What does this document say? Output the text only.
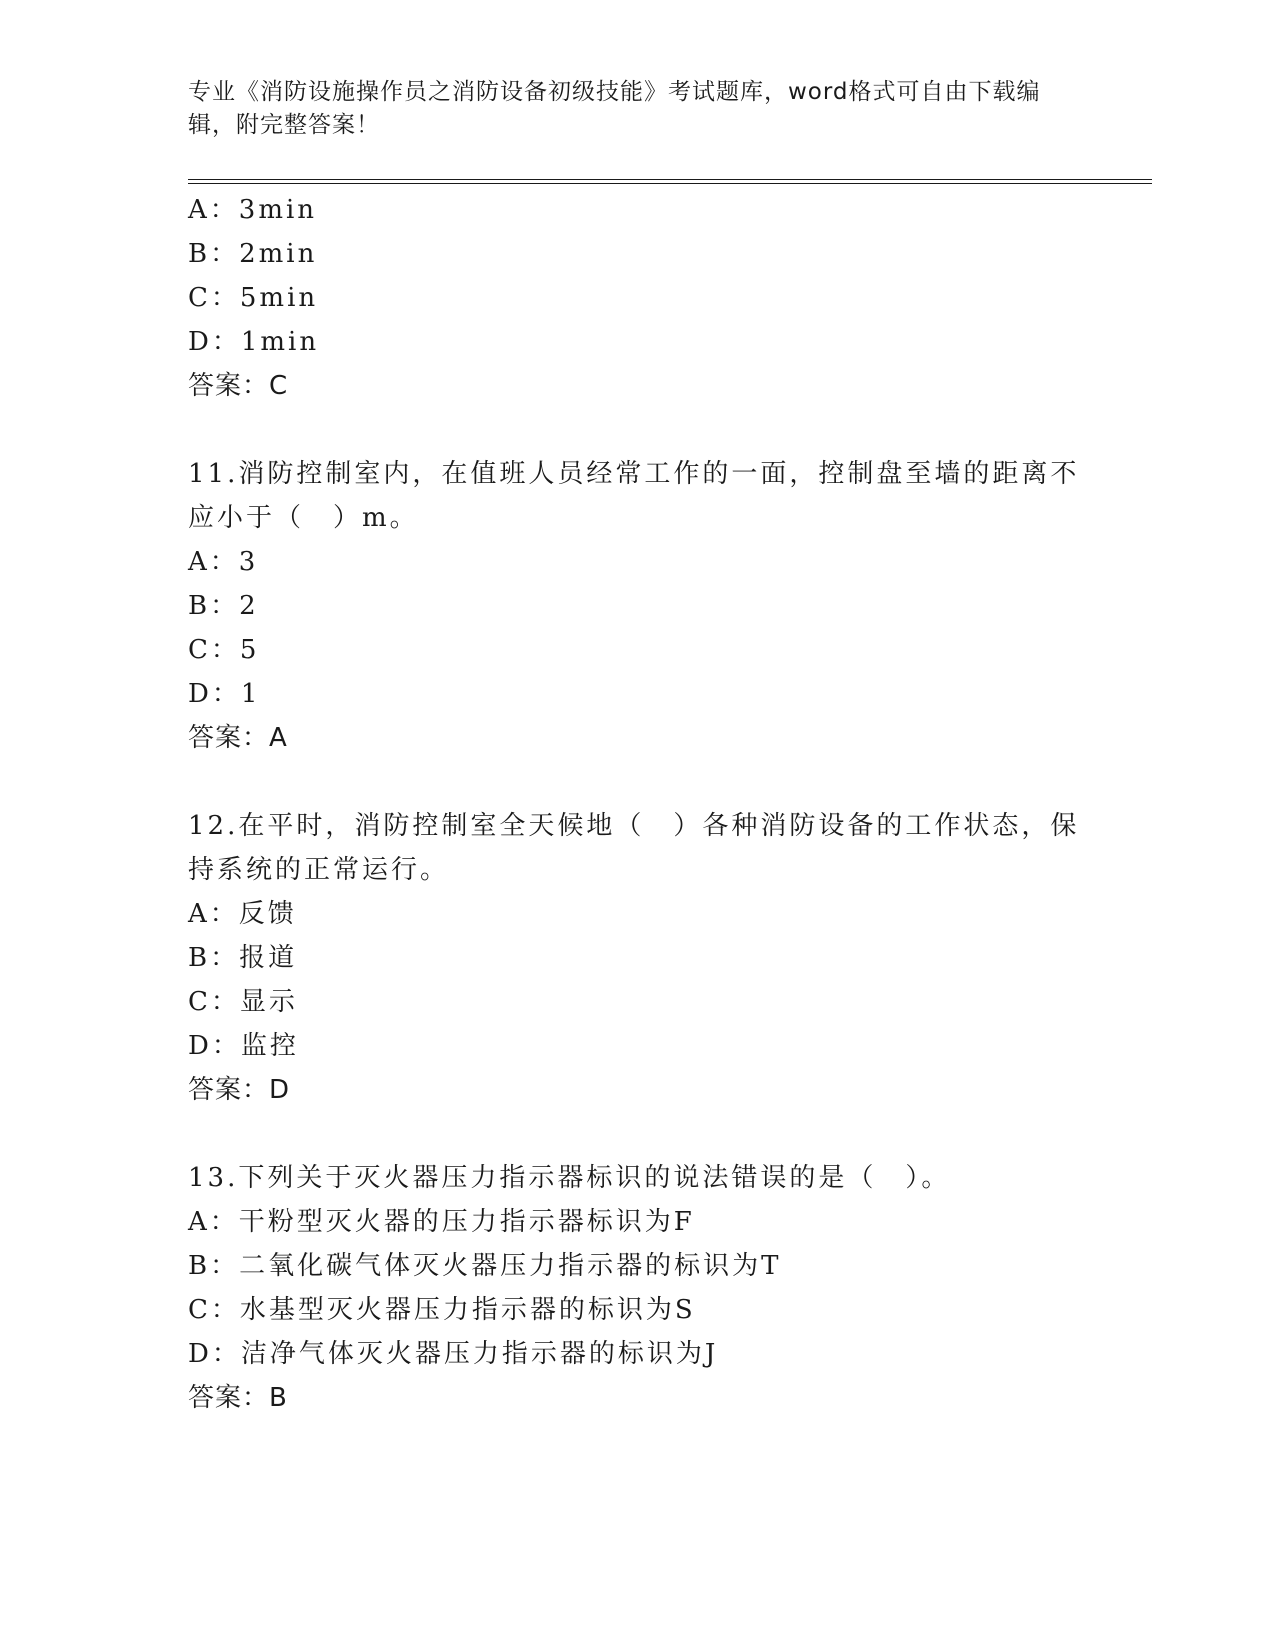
专业《消防设施操作员之消防设备初级技能》考试题库，word格式可自由下载编
辑，附完整答案！
A：3min
B：2min
C：5min
D：1min
答案：C
11.消防控制室内，在值班人员经常工作的一面，控制盘至墙的距离不
应小于（　）m。
A：3
B：2
C：5
D：1
答案：A
12.在平时，消防控制室全天候地（　）各种消防设备的工作状态，保
持系统的正常运行。
A：反馈
B：报道
C：显示
D：监控
答案：D
13.下列关于灭火器压力指示器标识的说法错误的是（　）。
A：干粉型灭火器的压力指示器标识为F
B：二氧化碳气体灭火器压力指示器的标识为T
C：水基型灭火器压力指示器的标识为S
D：洁净气体灭火器压力指示器的标识为J
答案：B
